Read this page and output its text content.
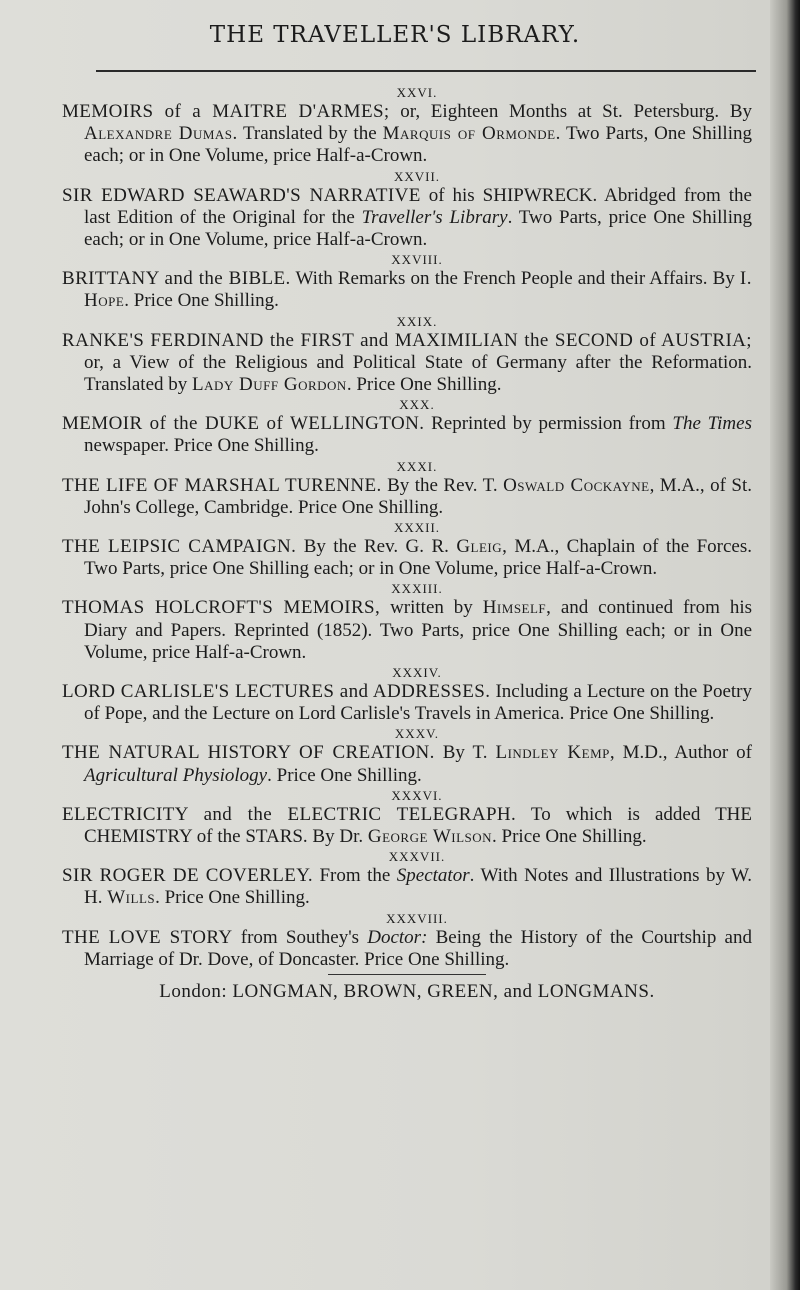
THE TRAVELLER'S LIBRARY.
XXVI.
MEMOIRS of a MAITRE D'ARMES; or, Eighteen Months at St. Petersburg. By Alexandre Dumas. Translated by the Marquis of Ormonde. Two Parts, One Shilling each; or in One Volume, price Half-a-Crown.
XXVII.
SIR EDWARD SEAWARD'S NARRATIVE of his SHIPWRECK. Abridged from the last Edition of the Original for the Traveller's Library. Two Parts, price One Shilling each; or in One Volume, price Half-a-Crown.
XXVIII.
BRITTANY and the BIBLE. With Remarks on the French People and their Affairs. By I. Hope. Price One Shilling.
XXIX.
RANKE'S FERDINAND the FIRST and MAXIMILIAN the SECOND of AUSTRIA; or, a View of the Religious and Political State of Germany after the Reformation. Translated by Lady Duff Gordon. Price One Shilling.
XXX.
MEMOIR of the DUKE of WELLINGTON. Reprinted by permission from The Times newspaper. Price One Shilling.
XXXI.
THE LIFE OF MARSHAL TURENNE. By the Rev. T. Oswald Cockayne, M.A., of St. John's College, Cambridge. Price One Shilling.
XXXII.
THE LEIPSIC CAMPAIGN. By the Rev. G. R. Gleig, M.A., Chaplain of the Forces. Two Parts, price One Shilling each; or in One Volume, price Half-a-Crown.
XXXIII.
THOMAS HOLCROFT'S MEMOIRS, written by Himself, and continued from his Diary and Papers. Reprinted (1852). Two Parts, price One Shilling each; or in One Volume, price Half-a-Crown.
XXXIV.
LORD CARLISLE'S LECTURES and ADDRESSES. Including a Lecture on the Poetry of Pope, and the Lecture on Lord Carlisle's Travels in America. Price One Shilling.
XXXV.
THE NATURAL HISTORY OF CREATION. By T. Lindley Kemp, M.D., Author of Agricultural Physiology. Price One Shilling.
XXXVI.
ELECTRICITY and the ELECTRIC TELEGRAPH. To which is added THE CHEMISTRY of the STARS. By Dr. George Wilson. Price One Shilling.
XXXVII.
SIR ROGER DE COVERLEY. From the Spectator. With Notes and Illustrations by W. H. Wills. Price One Shilling.
XXXVIII.
THE LOVE STORY from Southey's Doctor: Being the History of the Courtship and Marriage of Dr. Dove, of Doncaster. Price One Shilling.
London: LONGMAN, BROWN, GREEN, and LONGMANS.
